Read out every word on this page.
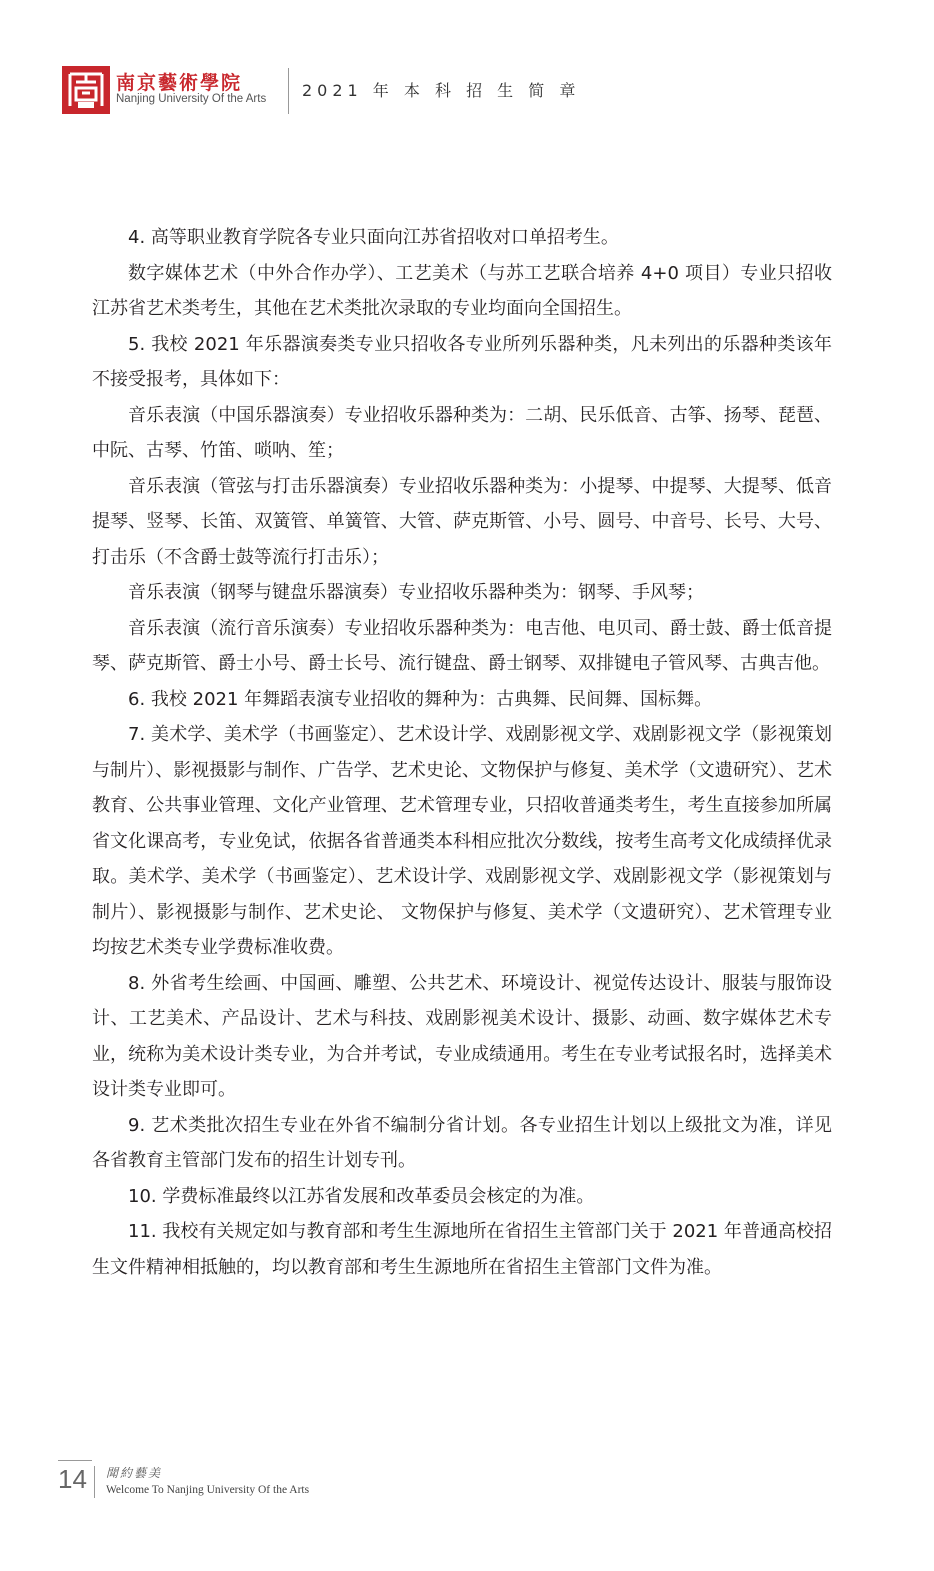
南京藝術學院
Nanjing University Of the Arts 2021 年 本 科 招 生 简 章

4. 高等职业教育学院各专业只面向江苏省招收对口单招考生。

数字媒体艺术（中外合作办学）、工艺美术（与苏工艺联合培养 4+0 项目）专业只招收江苏省艺术类考生，其他在艺术类批次录取的专业均面向全国招生。

5. 我校 2021 年乐器演奏类专业只招收各专业所列乐器种类，凡未列出的乐器种类该年不接受报考，具体如下：

音乐表演（中国乐器演奏）专业招收乐器种类为：二胡、民乐低音、古筝、扬琴、琵琶、中阮、古琴、竹笛、唢呐、笙；

音乐表演（管弦与打击乐器演奏）专业招收乐器种类为：小提琴、中提琴、大提琴、低音提琴、竖琴、长笛、双簧管、单簧管、大管、萨克斯管、小号、圆号、中音号、长号、大号、打击乐（不含爵士鼓等流行打击乐）；

音乐表演（钢琴与键盘乐器演奏）专业招收乐器种类为：钢琴、手风琴；

音乐表演（流行音乐演奏）专业招收乐器种类为：电吉他、电贝司、爵士鼓、爵士低音提琴、萨克斯管、爵士小号、爵士长号、流行键盘、爵士钢琴、双排键电子管风琴、古典吉他。

6. 我校 2021 年舞蹈表演专业招收的舞种为：古典舞、民间舞、国标舞。

7. 美术学、美术学（书画鉴定）、艺术设计学、戏剧影视文学、戏剧影视文学（影视策划与制片）、影视摄影与制作、广告学、艺术史论、文物保护与修复、美术学（文遗研究）、艺术教育、公共事业管理、文化产业管理、艺术管理专业，只招收普通类考生，考生直接参加所属省文化课高考，专业免试，依据各省普通类本科相应批次分数线，按考生高考文化成绩择优录取。美术学、美术学（书画鉴定）、艺术设计学、戏剧影视文学、戏剧影视文学（影视策划与制片）、影视摄影与制作、艺术史论、 文物保护与修复、美术学（文遗研究）、艺术管理专业均按艺术类专业学费标准收费。

8. 外省考生绘画、中国画、雕塑、公共艺术、环境设计、视觉传达设计、服装与服饰设计、工艺美术、产品设计、艺术与科技、戏剧影视美术设计、摄影、动画、数字媒体艺术专业，统称为美术设计类专业，为合并考试，专业成绩通用。考生在专业考试报名时，选择美术设计类专业即可。

9. 艺术类批次招生专业在外省不编制分省计划。各专业招生计划以上级批文为准，详见各省教育主管部门发布的招生计划专刊。

10. 学费标准最终以江苏省发展和改革委员会核定的为准。

11. 我校有关规定如与教育部和考生生源地所在省招生主管部门关于 2021 年普通高校招生文件精神相抵触的，均以教育部和考生生源地所在省招生主管部门文件为准。

14 聞約藝美
Welcome To Nanjing University Of the Arts
